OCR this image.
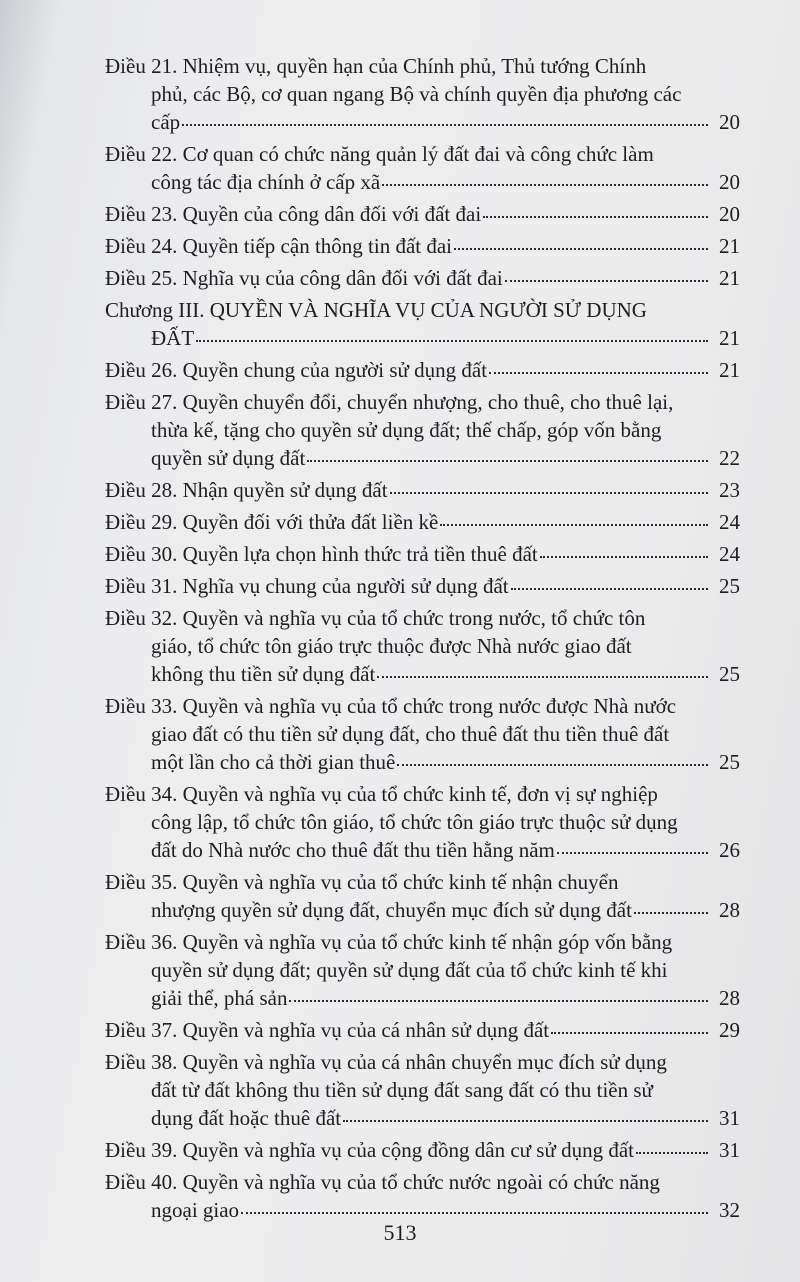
Điều 21. Nhiệm vụ, quyền hạn của Chính phủ, Thủ tướng Chính
phủ, các Bộ, cơ quan ngang Bộ và chính quyền địa phương các
cấp	20
Điều 22. Cơ quan có chức năng quản lý đất đai và công chức làm
công tác địa chính ở cấp xã	20
Điều 23. Quyền của công dân đối với đất đai	20
Điều 24. Quyền tiếp cận thông tin đất đai	21
Điều 25. Nghĩa vụ của công dân đối với đất đai	21
Chương III. QUYỀN VÀ NGHĨA VỤ CỦA NGƯỜI SỬ DỤNG
ĐẤT	21
Điều 26. Quyền chung của người sử dụng đất	21
Điều 27. Quyền chuyển đổi, chuyển nhượng, cho thuê, cho thuê lại,
thừa kế, tặng cho quyền sử dụng đất; thế chấp, góp vốn bằng
quyền sử dụng đất	22
Điều 28. Nhận quyền sử dụng đất	23
Điều 29. Quyền đối với thửa đất liền kề	24
Điều 30. Quyền lựa chọn hình thức trả tiền thuê đất	24
Điều 31. Nghĩa vụ chung của người sử dụng đất	25
Điều 32. Quyền và nghĩa vụ của tổ chức trong nước, tổ chức tôn
giáo, tổ chức tôn giáo trực thuộc được Nhà nước giao đất
không thu tiền sử dụng đất	25
Điều 33. Quyền và nghĩa vụ của tổ chức trong nước được Nhà nước
giao đất có thu tiền sử dụng đất, cho thuê đất thu tiền thuê đất
một lần cho cả thời gian thuê	25
Điều 34. Quyền và nghĩa vụ của tổ chức kinh tế, đơn vị sự nghiệp
công lập, tổ chức tôn giáo, tổ chức tôn giáo trực thuộc sử dụng
đất do Nhà nước cho thuê đất thu tiền hằng năm	26
Điều 35. Quyền và nghĩa vụ của tổ chức kinh tế nhận chuyển
nhượng quyền sử dụng đất, chuyển mục đích sử dụng đất	28
Điều 36. Quyền và nghĩa vụ của tổ chức kinh tế nhận góp vốn bằng
quyền sử dụng đất; quyền sử dụng đất của tổ chức kinh tế khi
giải thể, phá sản	28
Điều 37. Quyền và nghĩa vụ của cá nhân sử dụng đất	29
Điều 38. Quyền và nghĩa vụ của cá nhân chuyển mục đích sử dụng
đất từ đất không thu tiền sử dụng đất sang đất có thu tiền sử
dụng đất hoặc thuê đất	31
Điều 39. Quyền và nghĩa vụ của cộng đồng dân cư sử dụng đất	31
Điều 40. Quyền và nghĩa vụ của tổ chức nước ngoài có chức năng
ngoại giao	32
513
